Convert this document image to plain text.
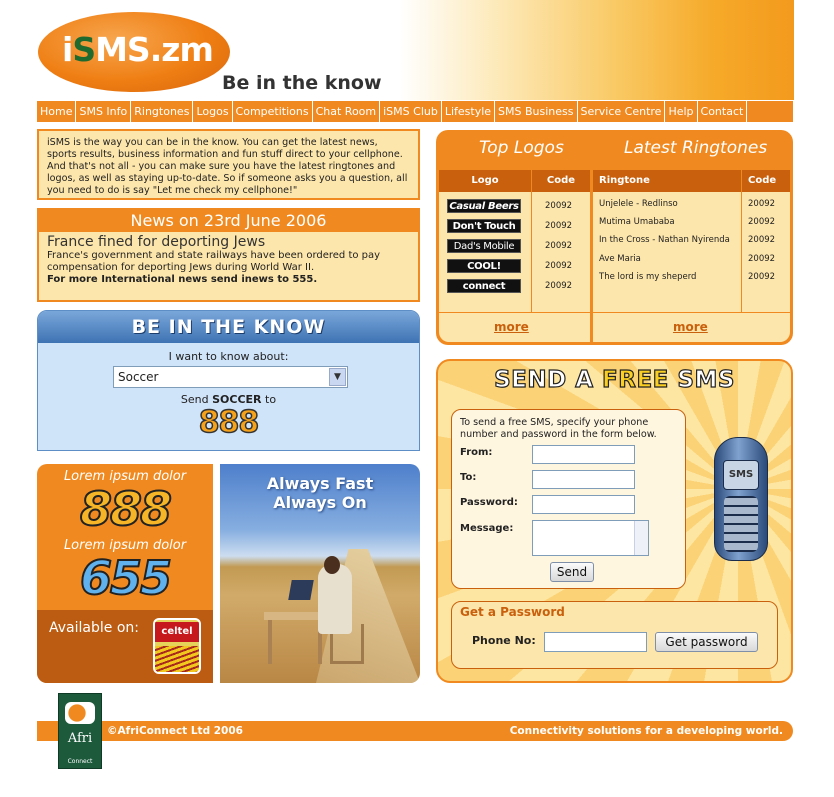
iSMS.zm
Be in the know
Home SMS Info Ringtones Logos Competitions Chat Room iSMS Club Lifestyle SMS Business Service Centre Help Contact
iSMS is the way you can be in the know. You can get the latest news, sports results, business information and fun stuff direct to your cellphone. And that's not all - you can make sure you have the latest ringtones and logos, as well as staying up-to-date. So if someone asks you a question, all you need to do is say "Let me check my cellphone!"
News on 23rd June 2006
France fined for deporting Jews
France's government and state railways have been ordered to pay compensation for deporting Jews during World War II.
For more International news send inews to 555.
BE IN THE KNOW
I want to know about:
Soccer	▼
Send SOCCER to
888
Lorem ipsum dolor
888
Lorem ipsum dolor
655
Available on:	celtel
Always Fast
Always On
Top Logos	Latest Ringtones
Logo	Code
Casual Beers	20092
Don't Touch	20092
Dad's Mobile	20092
COOL!	20092
connect	20092
more
Ringtone	Code
Unjelele - Redlinso	20092
Mutima Umababa	20092
In the Cross - Nathan Nyirenda 20092
Ave Maria	20092
The lord is my sheperd	20092
more
SEND A FREE SMS
To send a free SMS, specify your phone number and password in the form below.
From:
To:
Password:
Message:
Send
SMS
Get a Password
Phone No:	Get password
©AfriConnect Ltd 2006	Connectivity solutions for a developing world.
Afri
Connect
